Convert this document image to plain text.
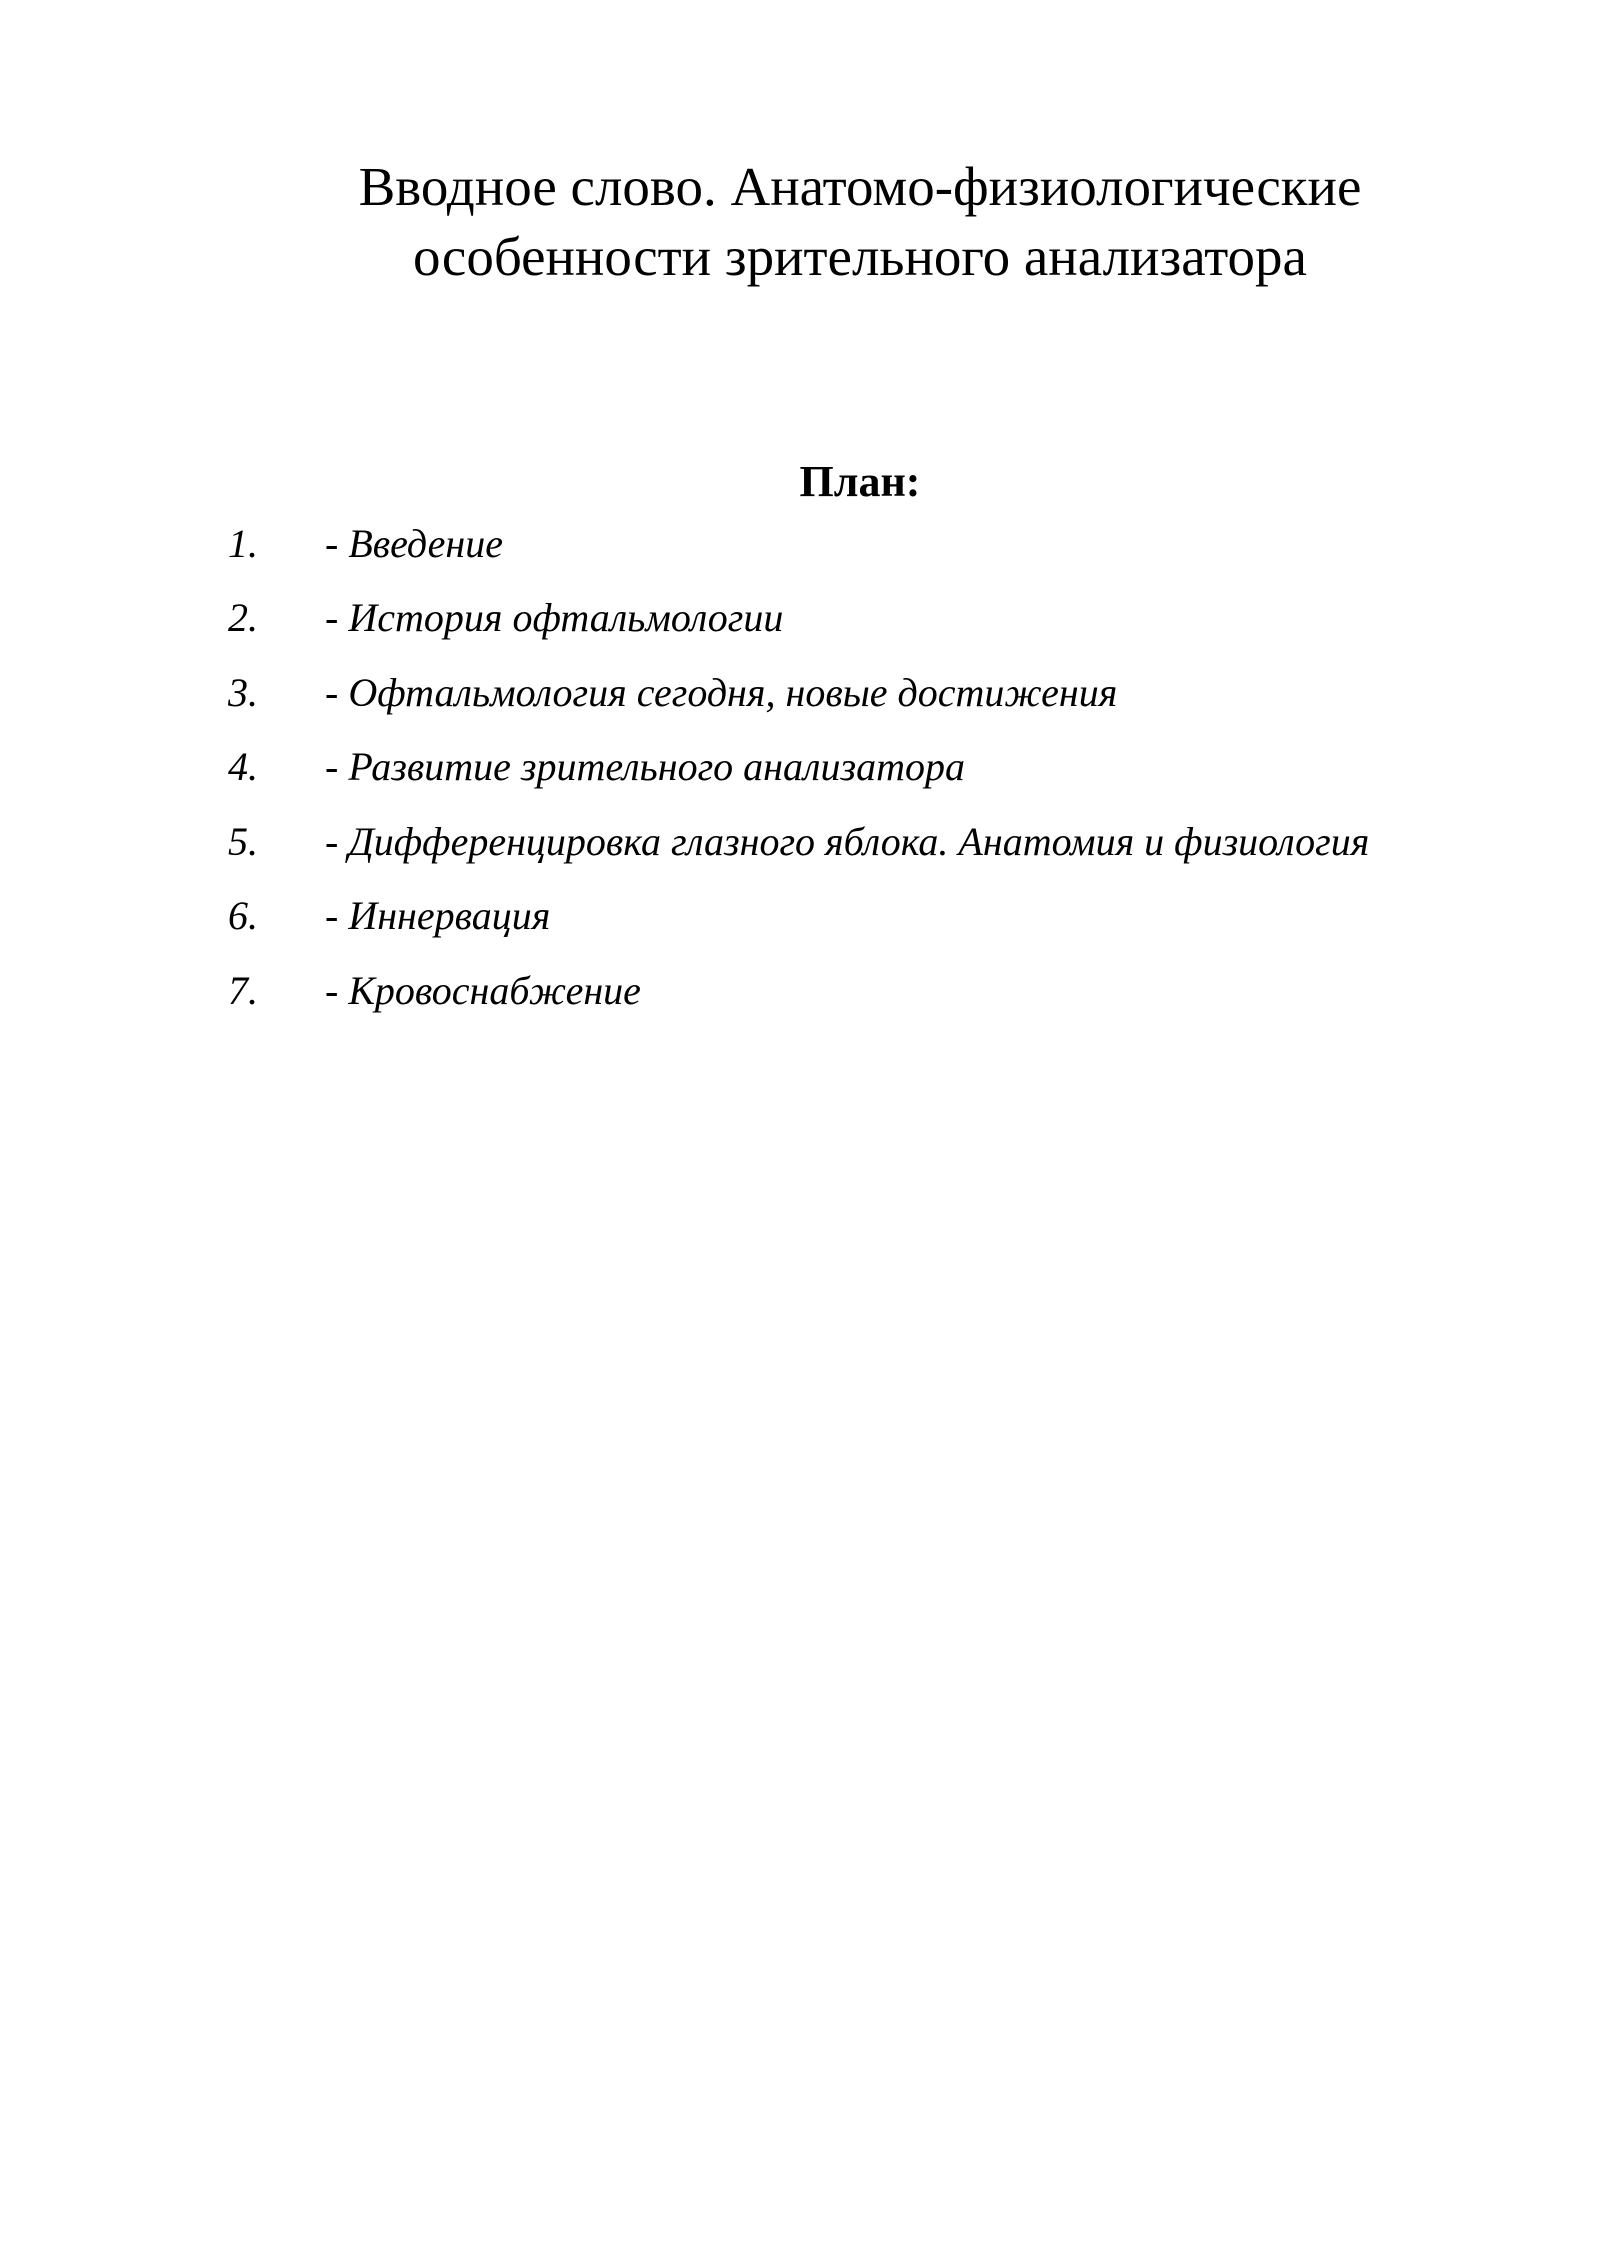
Вводное слово. Анатомо-физиологические
особенности зрительного анализатора
План:
1.	- Введение
2.	- История офтальмологии
3.	- Офтальмология сегодня, новые достижения
4.	- Развитие зрительного анализатора
5.	- Дифференцировка глазного яблока. Анатомия и физиология
6.	- Иннервация
7.	- Кровоснабжение
